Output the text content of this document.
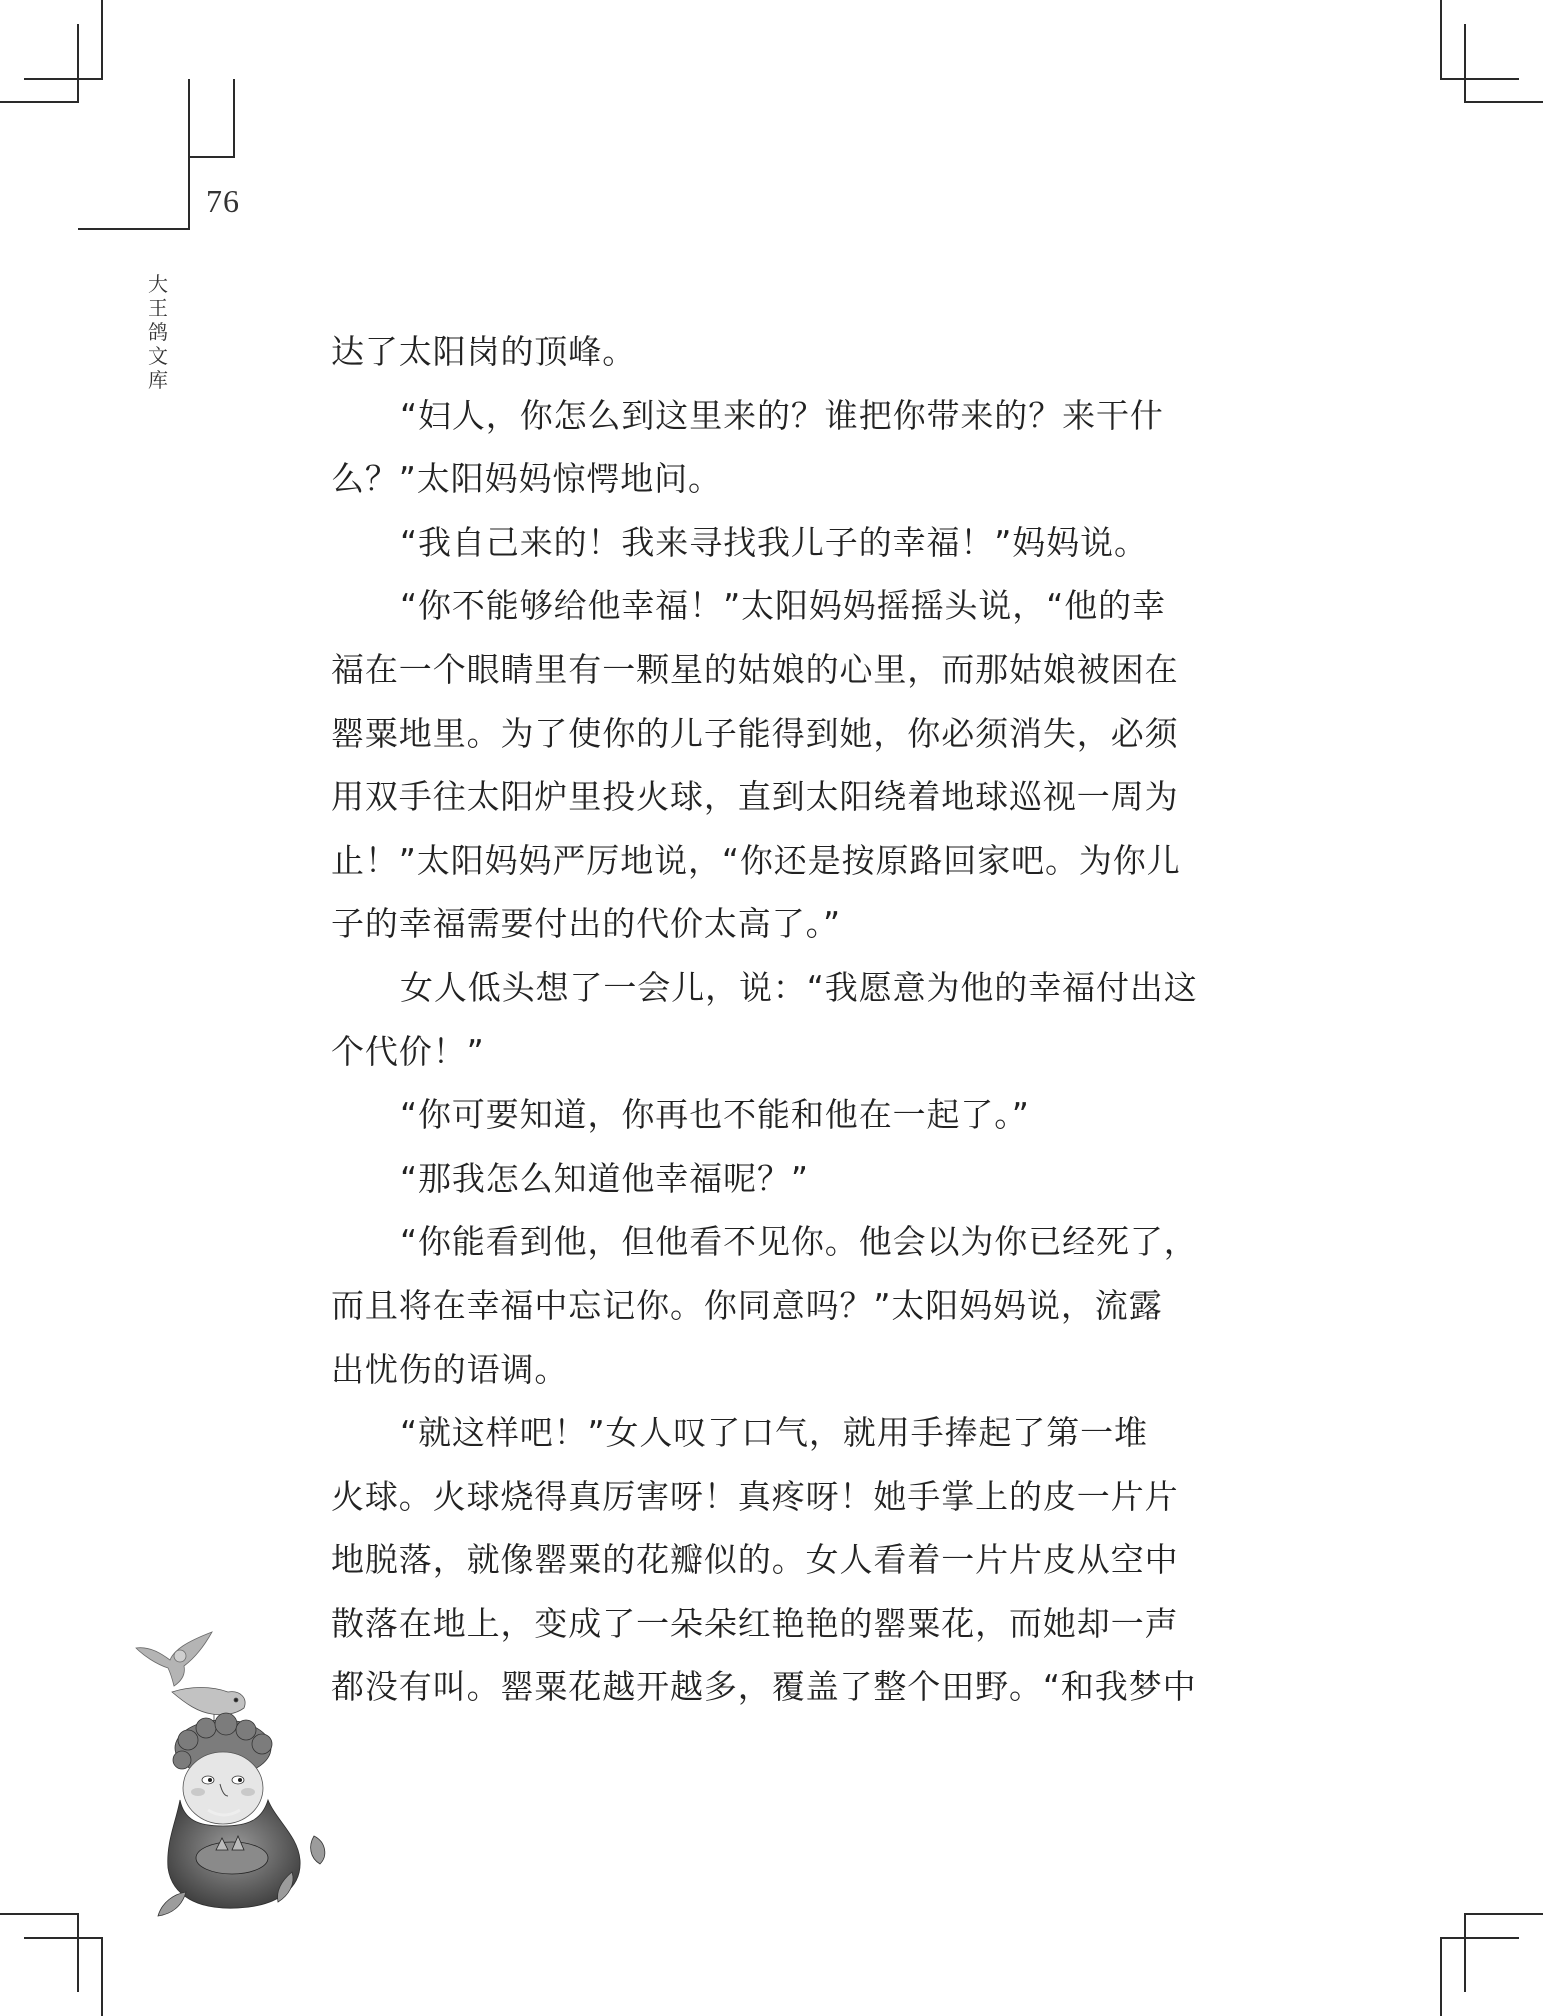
76
大
王
鸽
文
库
达了太阳岗的顶峰。
“妇人，你怎么到这里来的？谁把你带来的？来干什
么？”太阳妈妈惊愕地问。
“我自己来的！我来寻找我儿子的幸福！”妈妈说。
“你不能够给他幸福！”太阳妈妈摇摇头说，“他的幸
福在一个眼睛里有一颗星的姑娘的心里，而那姑娘被困在
罂粟地里。为了使你的儿子能得到她，你必须消失，必须
用双手往太阳炉里投火球，直到太阳绕着地球巡视一周为
止！”太阳妈妈严厉地说，“你还是按原路回家吧。为你儿
子的幸福需要付出的代价太高了。”
女人低头想了一会儿，说：“我愿意为他的幸福付出这
个代价！”
“你可要知道，你再也不能和他在一起了。”
“那我怎么知道他幸福呢？”
“你能看到他，但他看不见你。他会以为你已经死了，
而且将在幸福中忘记你。你同意吗？”太阳妈妈说，流露
出忧伤的语调。
“就这样吧！”女人叹了口气，就用手捧起了第一堆
火球。火球烧得真厉害呀！真疼呀！她手掌上的皮一片片
地脱落，就像罂粟的花瓣似的。女人看着一片片皮从空中
散落在地上，变成了一朵朵红艳艳的罂粟花，而她却一声
都没有叫。罂粟花越开越多，覆盖了整个田野。“和我梦中
